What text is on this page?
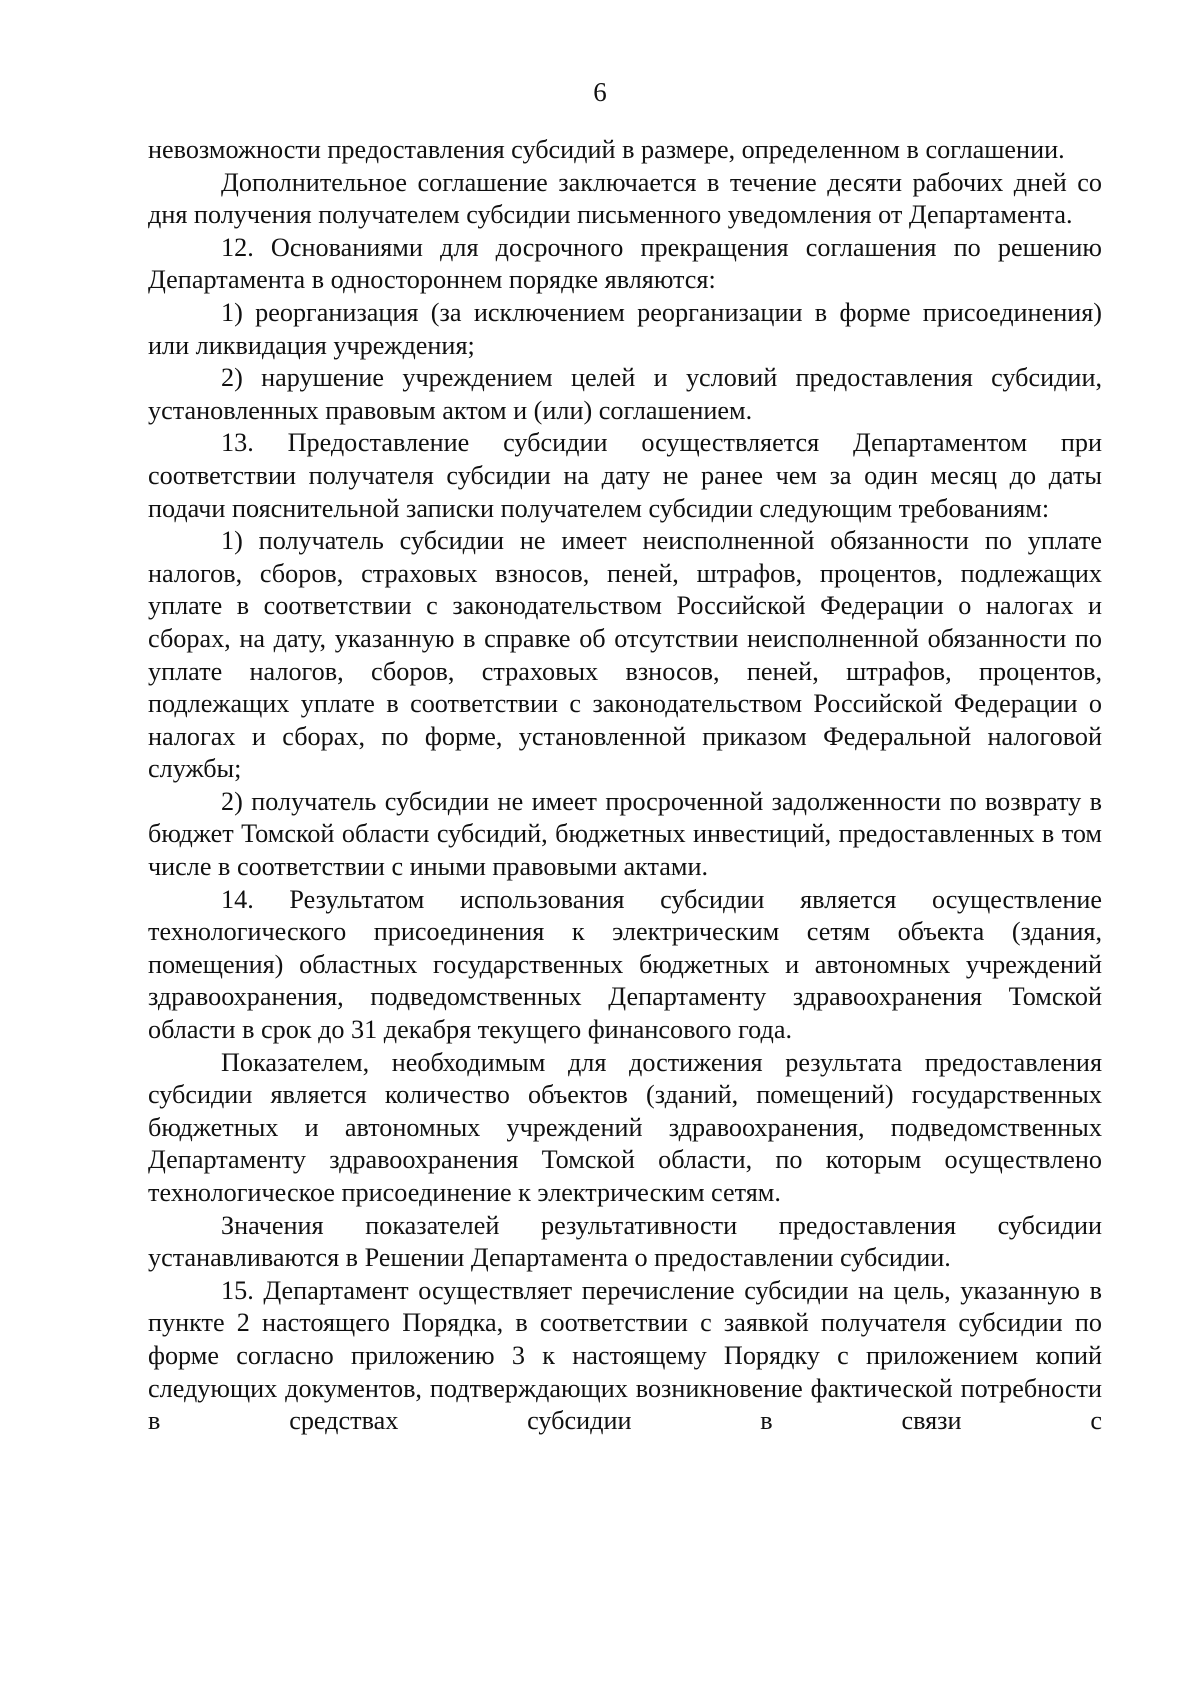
6

невозможности предоставления субсидий в размере, определенном в соглашении.

Дополнительное соглашение заключается в течение десяти рабочих дней со дня получения получателем субсидии письменного уведомления от Департамента.

12. Основаниями для досрочного прекращения соглашения по решению Департамента в одностороннем порядке являются:

1) реорганизация (за исключением реорганизации в форме присоединения) или ликвидация учреждения;

2) нарушение учреждением целей и условий предоставления субсидии, установленных правовым актом и (или) соглашением.

13. Предоставление субсидии осуществляется Департаментом при соответствии получателя субсидии на дату не ранее чем за один месяц до даты подачи пояснительной записки получателем субсидии следующим требованиям:

1) получатель субсидии не имеет неисполненной обязанности по уплате налогов, сборов, страховых взносов, пеней, штрафов, процентов, подлежащих уплате в соответствии с законодательством Российской Федерации о налогах и сборах, на дату, указанную в справке об отсутствии неисполненной обязанности по уплате налогов, сборов, страховых взносов, пеней, штрафов, процентов, подлежащих уплате в соответствии с законодательством Российской Федерации о налогах и сборах, по форме, установленной приказом Федеральной налоговой службы;

2) получатель субсидии не имеет просроченной задолженности по возврату в бюджет Томской области субсидий, бюджетных инвестиций, предоставленных в том числе в соответствии с иными правовыми актами.

14. Результатом использования субсидии является осуществление технологического присоединения к электрическим сетям объекта (здания, помещения) областных государственных бюджетных и автономных учреждений здравоохранения, подведомственных Департаменту здравоохранения Томской области в срок до 31 декабря текущего финансового года.

Показателем, необходимым для достижения результата предоставления субсидии является количество объектов (зданий, помещений) государственных бюджетных и автономных учреждений здравоохранения, подведомственных Департаменту здравоохранения Томской области, по которым осуществлено технологическое присоединение к электрическим сетям.

Значения показателей результативности предоставления субсидии устанавливаются в Решении Департамента о предоставлении субсидии.

15. Департамент осуществляет перечисление субсидии на цель, указанную в пункте 2 настоящего Порядка, в соответствии с заявкой получателя субсидии по форме согласно приложению 3 к настоящему Порядку с приложением копий следующих документов, подтверждающих возникновение фактической потребности в средствах субсидии в связи с
